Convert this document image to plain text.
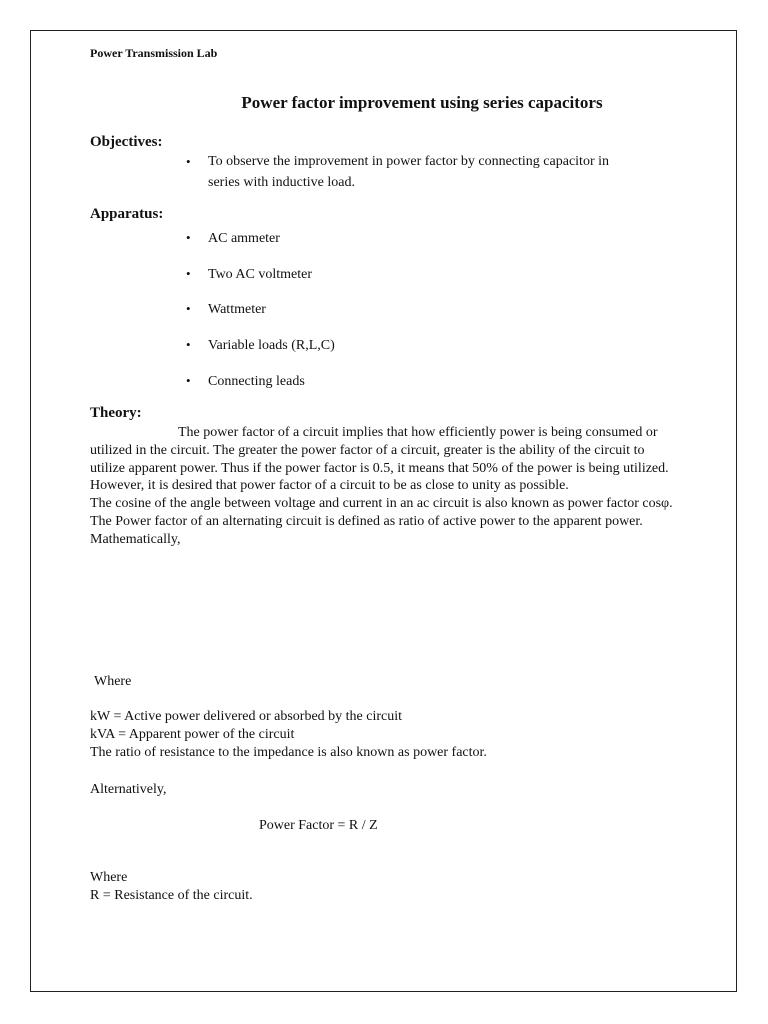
Power Transmission Lab
Power factor improvement using series capacitors
Objectives:
• To observe the improvement in power factor by connecting capacitor in
series with inductive load.
Apparatus:
• AC ammeter
• Two AC voltmeter
• Wattmeter
• Variable loads (R,L,C)
• Connecting leads
Theory:

The power factor of a circuit implies that how efficiently power is being consumed or utilized in the circuit. The greater the power factor of a circuit, greater is the ability of the circuit to utilize apparent power. Thus if the power factor is 0.5, it means that 50% of the power is being utilized. However, it is desired that power factor of a circuit to be as close to unity as possible.

The cosine of the angle between voltage and current in an ac circuit is also known as power factor cosφ.

The Power factor of an alternating circuit is defined as ratio of active power to the apparent power.

Mathematically,

Where
kW = Active power delivered or absorbed by the circuit
kVA = Apparent power of the circuit
The ratio of resistance to the impedance is also known as power factor.
Alternatively,
Power Factor = R / Z
Where
R = Resistance of the circuit.
